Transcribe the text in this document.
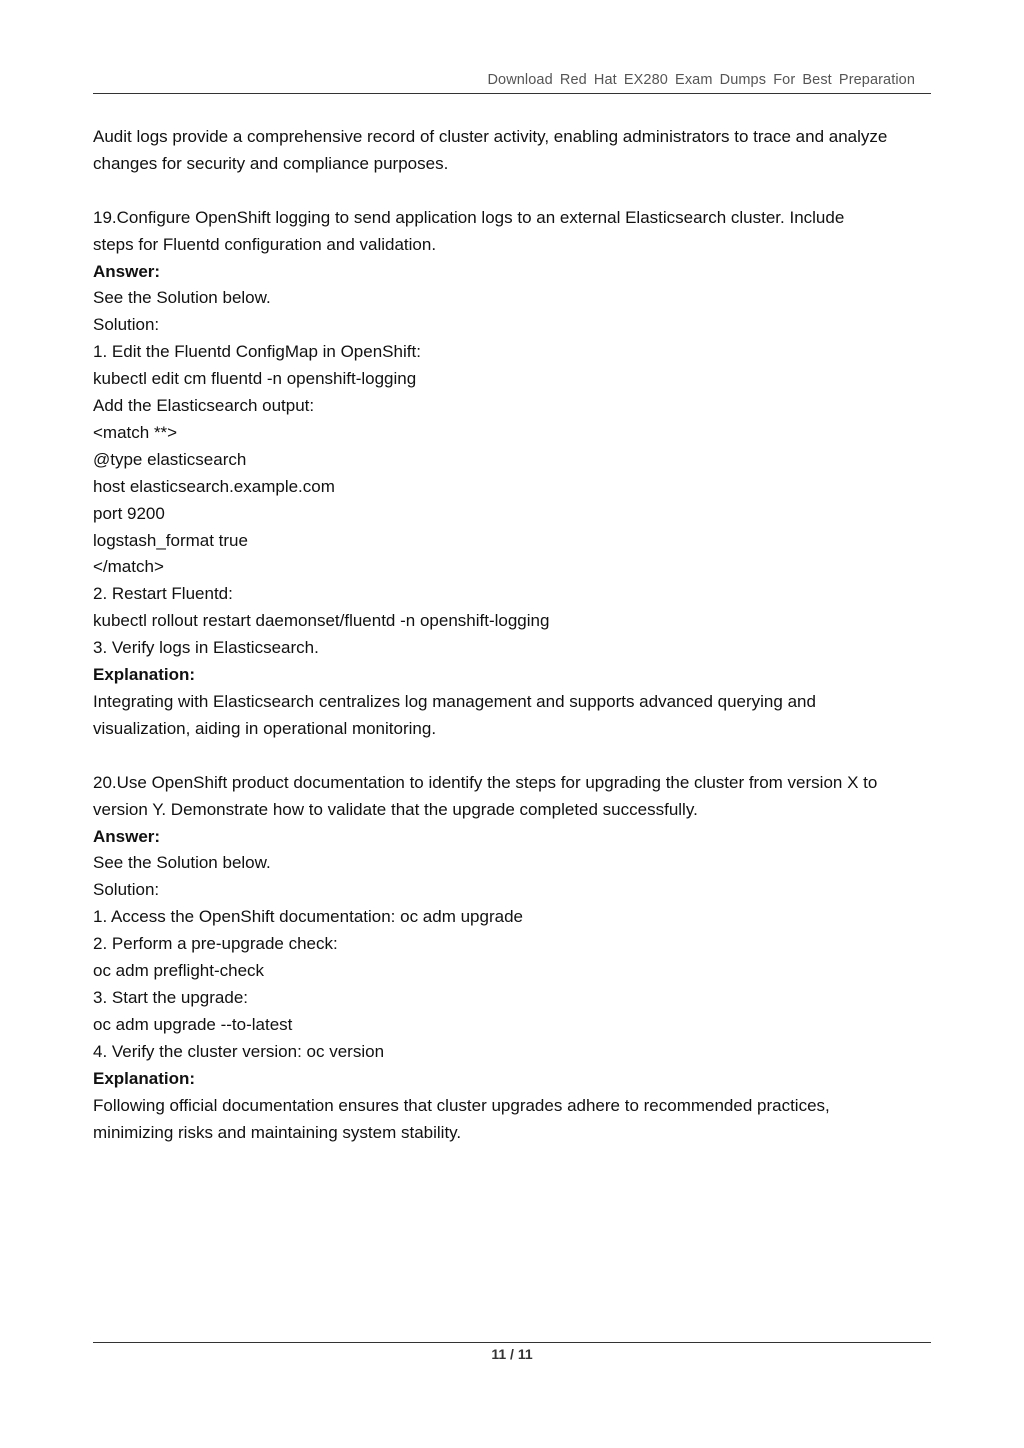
Download Red Hat EX280 Exam Dumps For Best Preparation
Audit logs provide a comprehensive record of cluster activity, enabling administrators to trace and analyze
changes for security and compliance purposes.
19.Configure OpenShift logging to send application logs to an external Elasticsearch cluster. Include
steps for Fluentd configuration and validation.
Answer:
See the Solution below.
Solution:
1. Edit the Fluentd ConfigMap in OpenShift:
kubectl edit cm fluentd -n openshift-logging
Add the Elasticsearch output:
<match **>
@type elasticsearch
host elasticsearch.example.com
port 9200
logstash_format true
</match>
2. Restart Fluentd:
kubectl rollout restart daemonset/fluentd -n openshift-logging
3. Verify logs in Elasticsearch.
Explanation:
Integrating with Elasticsearch centralizes log management and supports advanced querying and
visualization, aiding in operational monitoring.
20.Use OpenShift product documentation to identify the steps for upgrading the cluster from version X to
version Y. Demonstrate how to validate that the upgrade completed successfully.
Answer:
See the Solution below.
Solution:
1. Access the OpenShift documentation: oc adm upgrade
2. Perform a pre-upgrade check:
oc adm preflight-check
3. Start the upgrade:
oc adm upgrade --to-latest
4. Verify the cluster version: oc version
Explanation:
Following official documentation ensures that cluster upgrades adhere to recommended practices,
minimizing risks and maintaining system stability.
11 / 11
